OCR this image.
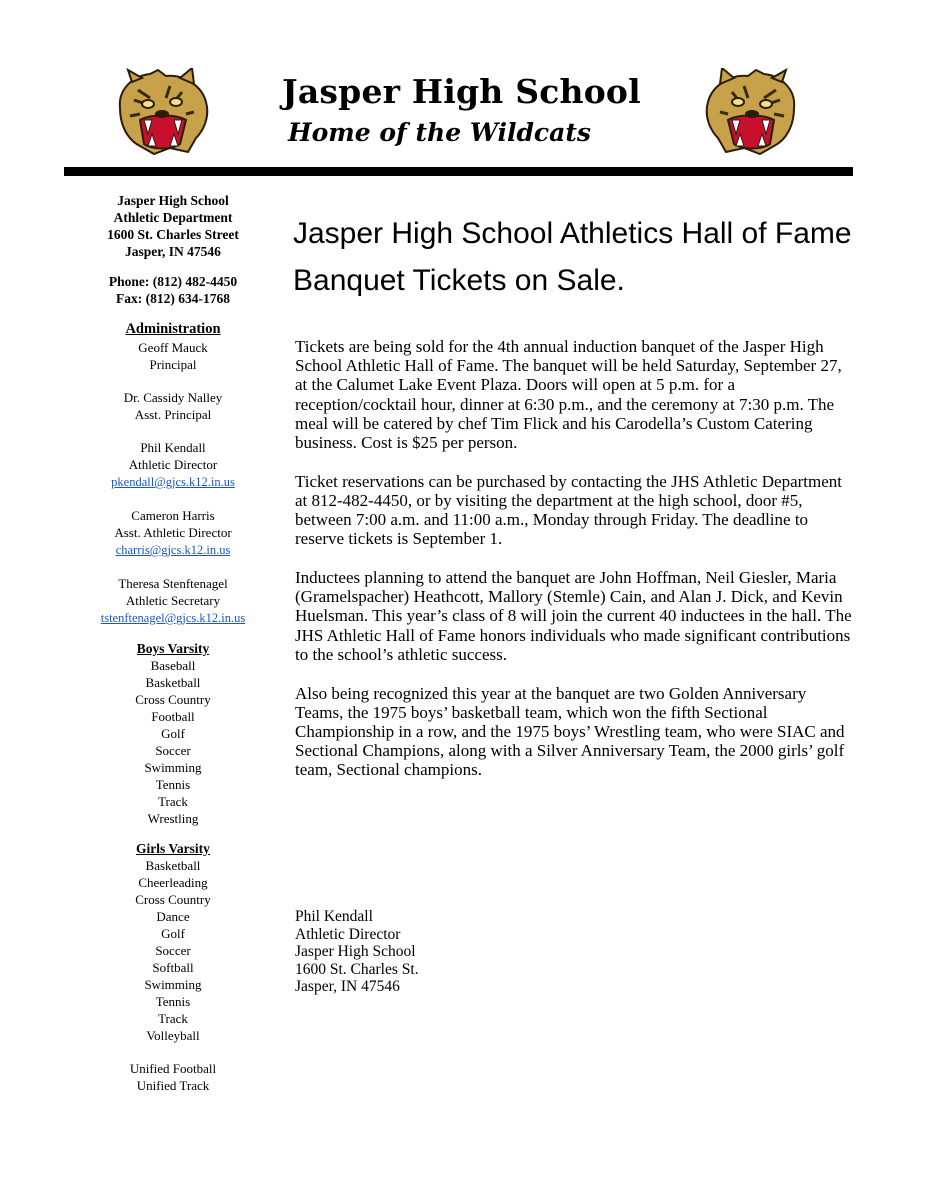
Jasper High School
Home of the Wildcats
Jasper High School
Athletic Department
1600 St. Charles Street
Jasper, IN 47546
Phone: (812) 482-4450
Fax: (812) 634-1768
Administration
Geoff Mauck
Principal
Dr. Cassidy Nalley
Asst. Principal
Phil Kendall
Athletic Director
pkendall@gjcs.k12.in.us
Cameron Harris
Asst. Athletic Director
charris@gjcs.k12.in.us
Theresa Stenftenagel
Athletic Secretary
tstenftenagel@gjcs.k12.in.us
Boys Varsity
Baseball
Basketball
Cross Country
Football
Golf
Soccer
Swimming
Tennis
Track
Wrestling
Girls Varsity
Basketball
Cheerleading
Cross Country
Dance
Golf
Soccer
Softball
Swimming
Tennis
Track
Volleyball
Unified Football
Unified Track
Jasper High School Athletics Hall of Fame Banquet Tickets on Sale.

Tickets are being sold for the 4th annual induction banquet of the Jasper High School Athletic Hall of Fame. The banquet will be held Saturday, September 27, at the Calumet Lake Event Plaza. Doors will open at 5 p.m. for a reception/cocktail hour, dinner at 6:30 p.m., and the ceremony at 7:30 p.m. The meal will be catered by chef Tim Flick and his Carodella’s Custom Catering business. Cost is $25 per person.

Ticket reservations can be purchased by contacting the JHS Athletic Department at 812-482-4450, or by visiting the department at the high school, door #5, between 7:00 a.m. and 11:00 a.m., Monday through Friday. The deadline to reserve tickets is September 1.

Inductees planning to attend the banquet are John Hoffman, Neil Giesler, Maria (Gramelspacher) Heathcott, Mallory (Stemle) Cain, and Alan J. Dick, and Kevin Huelsman. This year’s class of 8 will join the current 40 inductees in the hall. The JHS Athletic Hall of Fame honors individuals who made significant contributions to the school’s athletic success.

Also being recognized this year at the banquet are two Golden Anniversary Teams, the 1975 boys’ basketball team, which won the fifth Sectional Championship in a row, and the 1975 boys’ Wrestling team, who were SIAC and Sectional Champions, along with a Silver Anniversary Team, the 2000 girls’ golf team, Sectional champions.

Phil Kendall
Athletic Director
Jasper High School
1600 St. Charles St.
Jasper, IN 47546
